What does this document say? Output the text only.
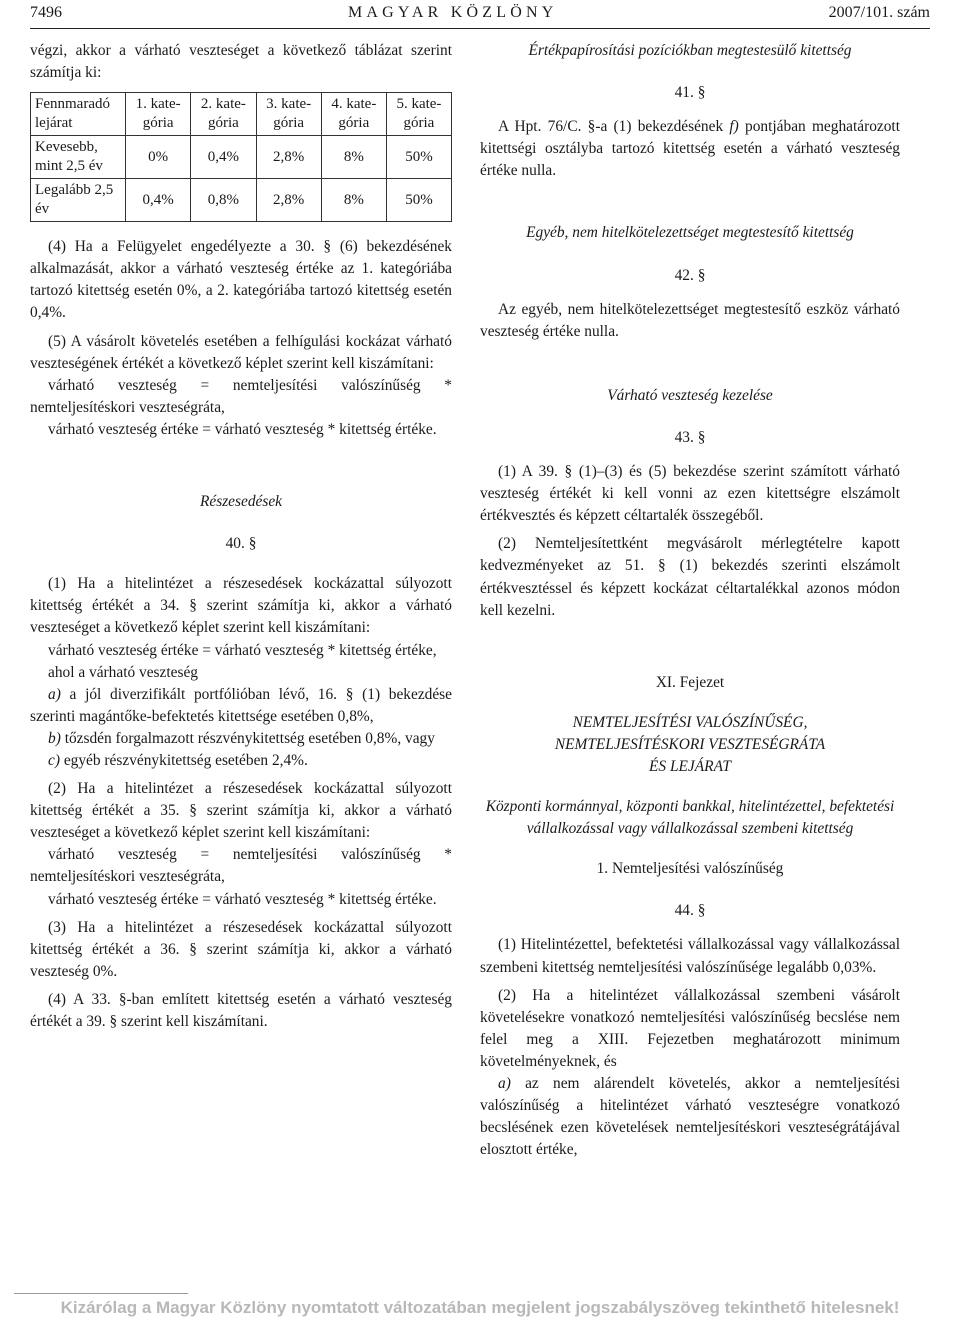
7496	MAGYAR KÖZLÖNY	2007/101. szám

végzi, akkor a várható veszteséget a következő táblázat szerint számítja ki:

Fennmaradó lejárat	1. kate-gória	2. kate-gória	3. kate-gória	4. kate-gória	5. kate-gória
Kevesebb, mint 2,5 év	0%	0,4%	2,8%	8%	50%
Legalább 2,5 év	0,4%	0,8%	2,8%	8%	50%

(4) Ha a Felügyelet engedélyezte a 30. § (6) bekezdésének alkalmazását, akkor a várható veszteség értéke az 1. kategóriába tartozó kitettség esetén 0%, a 2. kategóriába tartozó kitettség esetén 0,4%.

(5) A vásárolt követelés esetében a felhígulási kockázat várható veszteségének értékét a következő képlet szerint kell kiszámítani:

várható veszteség = nemteljesítési valószínűség * nemteljesítéskori veszteségráta,

várható veszteség értéke = várható veszteség * kitettség értéke.

Részesedések

40. §

(1) Ha a hitelintézet a részesedések kockázattal súlyozott kitettség értékét a 34. § szerint számítja ki, akkor a várható veszteséget a következő képlet szerint kell kiszámítani:

várható veszteség értéke = várható veszteség * kitettség értéke,

ahol a várható veszteség

a) a jól diverzifikált portfólióban lévő, 16. § (1) bekezdése szerinti magántőke-befektetés kitettsége esetében 0,8%,

b) tőzsdén forgalmazott részvénykitettség esetében 0,8%, vagy

c) egyéb részvénykitettség esetében 2,4%.

(2) Ha a hitelintézet a részesedések kockázattal súlyozott kitettség értékét a 35. § szerint számítja ki, akkor a várható veszteséget a következő képlet szerint kell kiszámítani:

várható veszteség = nemteljesítési valószínűség * nemteljesítéskori veszteségráta,

várható veszteség értéke = várható veszteség * kitettség értéke.

(3) Ha a hitelintézet a részesedések kockázattal súlyozott kitettség értékét a 36. § szerint számítja ki, akkor a várható veszteség 0%.

(4) A 33. §-ban említett kitettség esetén a várható veszteség értékét a 39. § szerint kell kiszámítani.

Értékpapírosítási pozíciókban megtestesülő kitettség

41. §

A Hpt. 76/C. §-a (1) bekezdésének f) pontjában meghatározott kitettségi osztályba tartozó kitettség esetén a várható veszteség értéke nulla.

Egyéb, nem hitelkötelezettséget megtestesítő kitettség

42. §

Az egyéb, nem hitelkötelezettséget megtestesítő eszköz várható veszteség értéke nulla.

Várható veszteség kezelése

43. §

(1) A 39. § (1)–(3) és (5) bekezdése szerint számított várható veszteség értékét ki kell vonni az ezen kitettségre elszámolt értékvesztés és képzett céltartalék összegéből.

(2) Nemteljesítettként megvásárolt mérlegtételre kapott kedvezményeket az 51. § (1) bekezdés szerinti elszámolt értékvesztéssel és képzett kockázat céltartalékkal azonos módon kell kezelni.

XI. Fejezet

NEMTELJESÍTÉSI VALÓSZÍNŰSÉG,

NEMTELJESÍTÉSKORI VESZTESÉGRÁTA

ÉS LEJÁRAT

Központi kormánnyal, központi bankkal, hitelintézettel, befektetési vállalkozással vagy vállalkozással szembeni kitettség

1. Nemteljesítési valószínűség

44. §

(1) Hitelintézettel, befektetési vállalkozással vagy vállalkozással szembeni kitettség nemteljesítési valószínűsége legalább 0,03%.

(2) Ha a hitelintézet vállalkozással szembeni vásárolt követelésekre vonatkozó nemteljesítési valószínűség becslése nem felel meg a XIII. Fejezetben meghatározott minimum követelményeknek, és

a) az nem alárendelt követelés, akkor a nemteljesítési valószínűség a hitelintézet várható veszteségre vonatkozó becslésének ezen követelések nemteljesítéskori veszteségrátájával elosztott értéke,

Kizárólag a Magyar Közlöny nyomtatott változatában megjelent jogszabályszöveg tekinthető hitelesnek!
